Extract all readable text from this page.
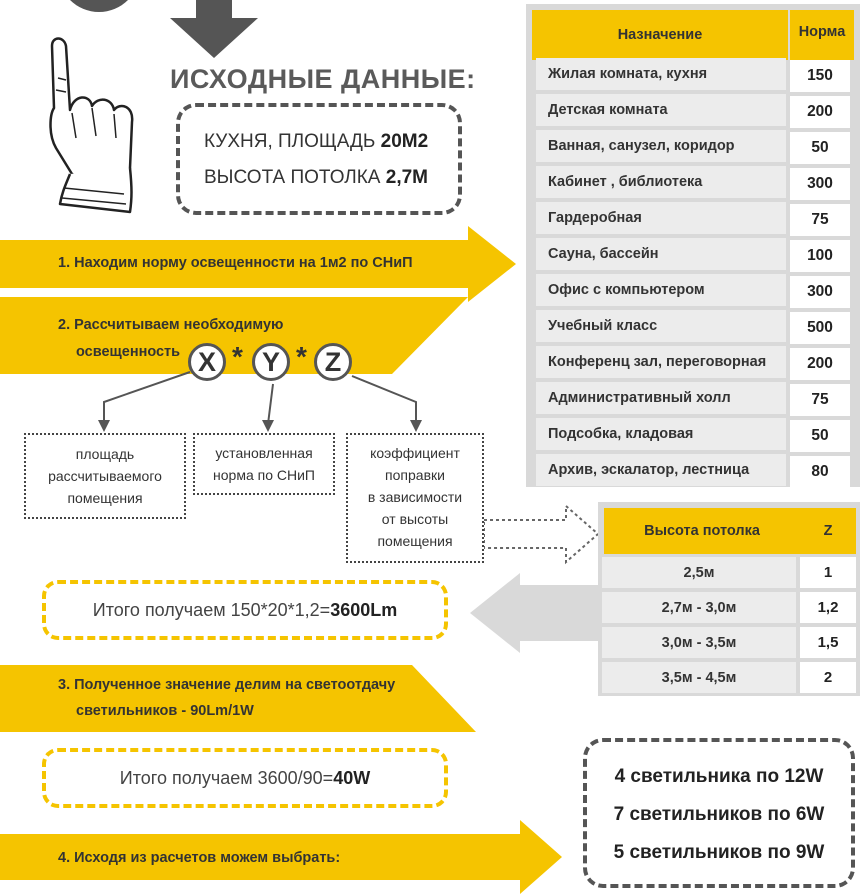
ИСХОДНЫЕ ДАННЫЕ:
КУХНЯ, ПЛОЩАДЬ 20М2
ВЫСОТА ПОТОЛКА 2,7М
1. Находим норму освещенности на 1м2 по СНиП
2. Рассчитываем необходимую
освещенность X * Y * Z
площадь
рассчитываемого
помещения
установленная
норма по СНиП
коэффициент
поправки
в зависимости
от высоты
помещения
Итого получаем 150*20*1,2=3600Lm
3. Полученное значение делим на светоотдачу
светильников - 90Lm/1W
Итого получаем 3600/90=40W
4. Исходя из расчетов можем выбрать:
Назначение	Норма
Жилая комната, кухня	150
Детская комната	200
Ванная, санузел, коридор	50
Кабинет , библиотека	300
Гардеробная	75
Сауна, бассейн	100
Офис с компьютером	300
Учебный класс	500
Конференц зал, переговорная	200
Административный холл	75
Подсобка, кладовая	50
Архив, эскалатор, лестница	80
Высота потолка	Z
2,5м	1
2,7м - 3,0м	1,2
3,0м - 3,5м	1,5
3,5м - 4,5м	2
4 светильника по 12W
7 светильников по 6W
5 светильников по 9W
